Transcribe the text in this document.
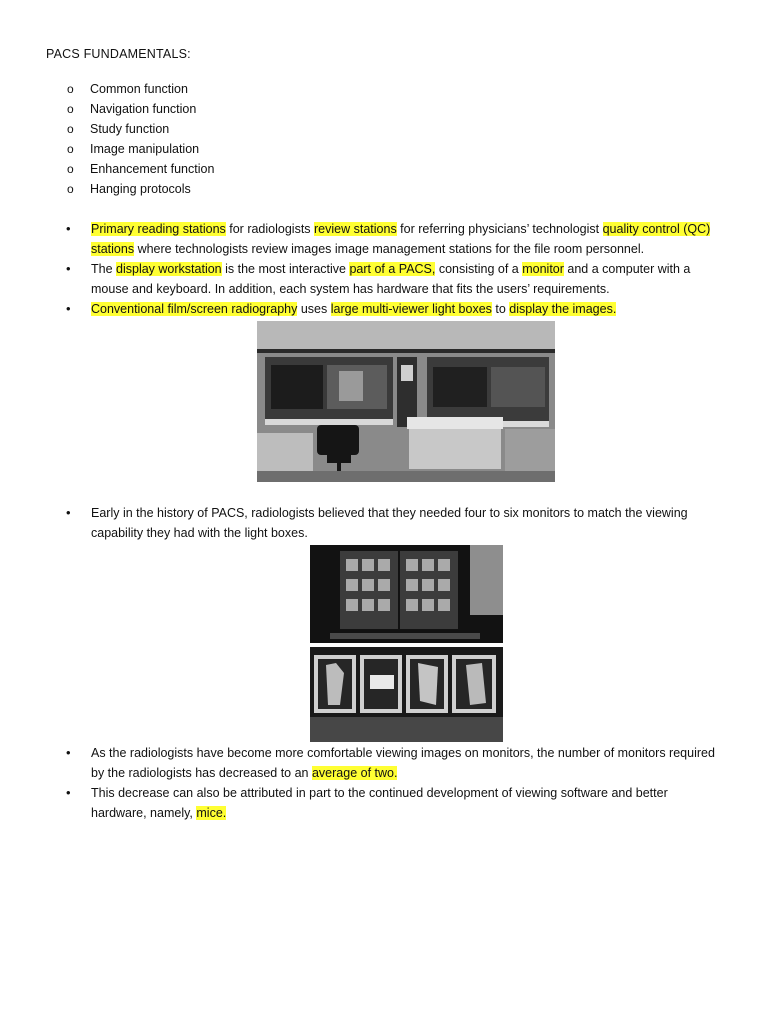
PACS FUNDAMENTALS:
o Common function
o Navigation function
o Study function
o Image manipulation
o Enhancement function
o Hanging protocols
• Primary reading stations for radiologists review stations for referring physicians’ technologist quality control (QC) stations where technologists review images image management stations for the file room personnel.
• The display workstation is the most interactive part of a PACS, consisting of a monitor and a computer with a mouse and keyboard. In addition, each system has hardware that fits the users’ requirements.
• Conventional film/screen radiography uses large multi-viewer light boxes to display the images.
• Early in the history of PACS, radiologists believed that they needed four to six monitors to match the viewing capability they had with the light boxes.
• As the radiologists have become more comfortable viewing images on monitors, the number of monitors required by the radiologists has decreased to an average of two.
• This decrease can also be attributed in part to the continued development of viewing software and better hardware, namely, mice.
